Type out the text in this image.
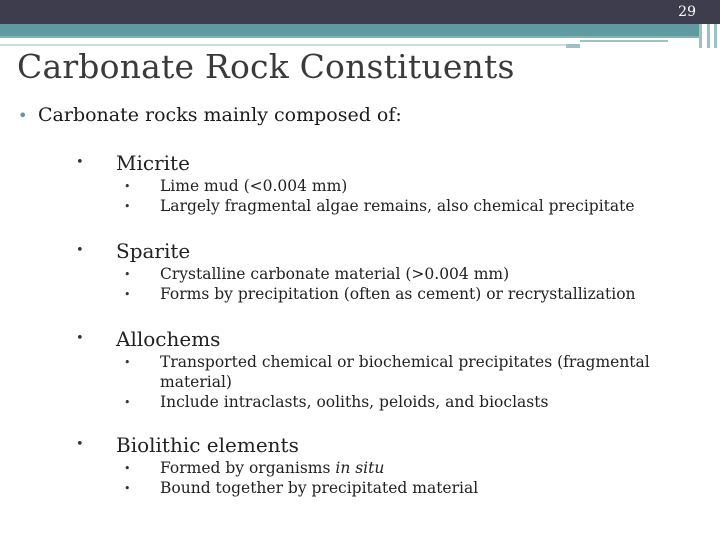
29
Carbonate Rock Constituents
• Carbonate rocks mainly composed of:
• Micrite
• Lime mud (<0.004 mm)
• Largely fragmental algae remains, also chemical precipitate
• Sparite
• Crystalline carbonate material (>0.004 mm)
• Forms by precipitation (often as cement) or recrystallization
• Allochems
• Transported chemical or biochemical precipitates (fragmental material)
• Include intraclasts, ooliths, peloids, and bioclasts
• Biolithic elements
• Formed by organisms in situ
• Bound together by precipitated material
